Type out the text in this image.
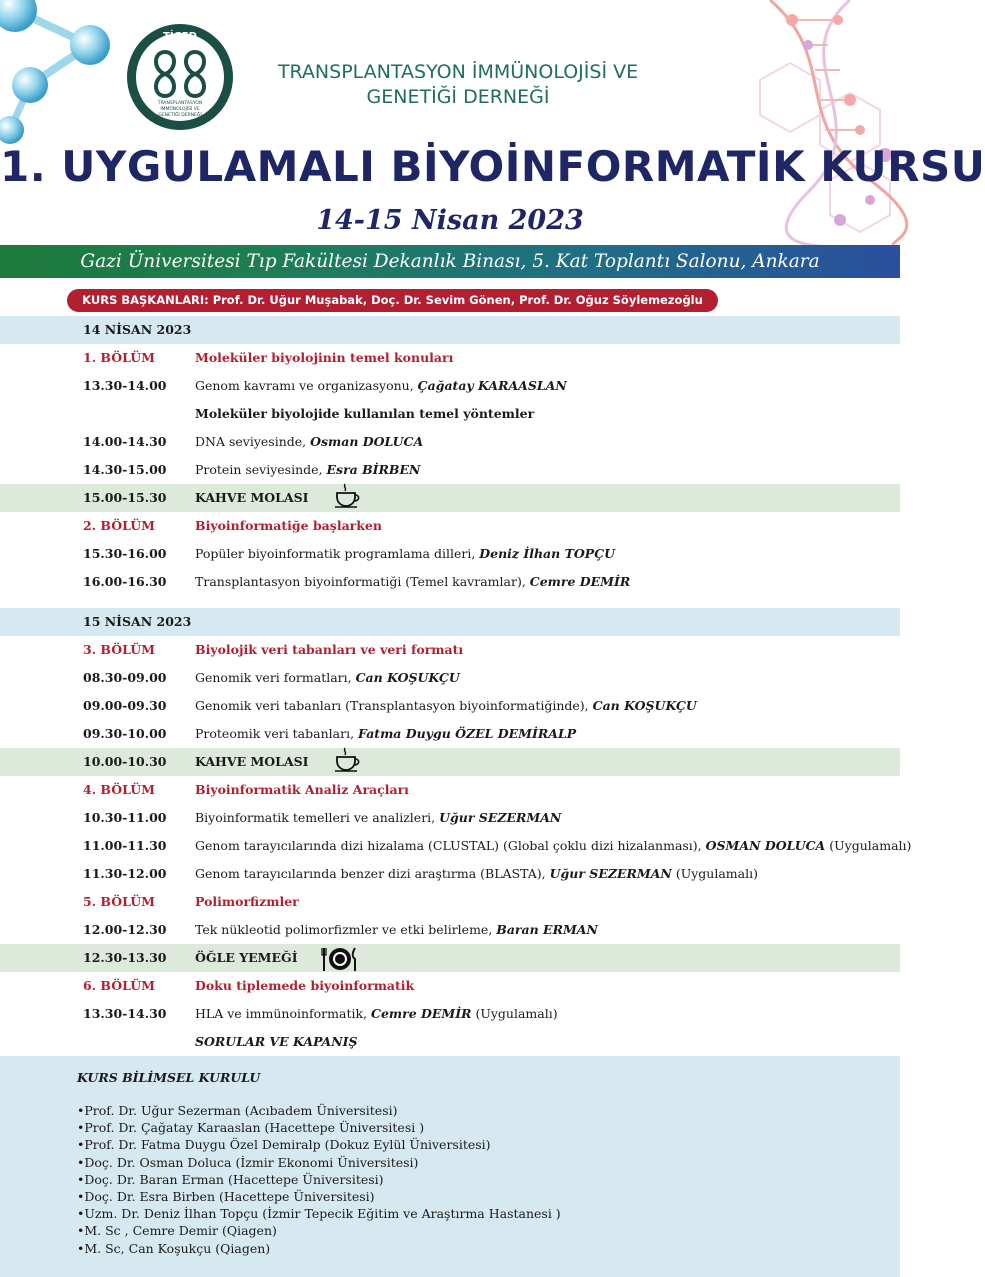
TİGED
TRANSPLANTASYON
İMMÜNOLOJİSİ VE
GENETİĞİ DERNEĞİ
TRANSPLANTASYON İMMÜNOLOJİSİ VE
GENETİĞİ DERNEĞİ
1. UYGULAMALI BİYOİNFORMATİK KURSU
14-15 Nisan 2023
Gazi Üniversitesi Tıp Fakültesi Dekanlık Binası, 5. Kat Toplantı Salonu, Ankara
KURS BAŞKANLARI: Prof. Dr. Uğur Muşabak, Doç. Dr. Sevim Gönen, Prof. Dr. Oğuz Söylemezoğlu
14 NİSAN 2023
1. BÖLÜM	Moleküler biyolojinin temel konuları
13.30-14.00 Genom kavramı ve organizasyonu, Çağatay KARAASLAN
Moleküler biyolojide kullanılan temel yöntemler
14.00-14.30 DNA seviyesinde, Osman DOLUCA
14.30-15.00 Protein seviyesinde, Esra BİRBEN
15.00-15.30 KAHVE MOLASI
2. BÖLÜM	Biyoinformatiğe başlarken
15.30-16.00 Popüler biyoinformatik programlama dilleri, Deniz İlhan TOPÇU
16.00-16.30 Transplantasyon biyoinformatiği (Temel kavramlar), Cemre DEMİR
15 NİSAN 2023
3. BÖLÜM	Biyolojik veri tabanları ve veri formatı
08.30-09.00 Genomik veri formatları, Can KOŞUKÇU
09.00-09.30 Genomik veri tabanları (Transplantasyon biyoinformatiğinde), Can KOŞUKÇU
09.30-10.00 Proteomik veri tabanları, Fatma Duygu ÖZEL DEMİRALP
10.00-10.30 KAHVE MOLASI
4. BÖLÜM	Biyoinformatik Analiz Araçları
10.30-11.00 Biyoinformatik temelleri ve analizleri, Uğur SEZERMAN
11.00-11.30 Genom tarayıcılarında dizi hizalama (CLUSTAL) (Global çoklu dizi hizalanması), OSMAN DOLUCA (Uygulamalı)
11.30-12.00 Genom tarayıcılarında benzer dizi araştırma (BLASTA), Uğur SEZERMAN (Uygulamalı)
5. BÖLÜM	Polimorfizmler
12.00-12.30 Tek nükleotid polimorfizmler ve etki belirleme, Baran ERMAN
12.30-13.30 ÖĞLE YEMEĞİ
6. BÖLÜM	Doku tiplemede biyoinformatik
13.30-14.30 HLA ve immünoinformatik, Cemre DEMİR (Uygulamalı)
SORULAR VE KAPANIŞ
KURS BİLİMSEL KURULU
• Prof. Dr. Uğur Sezerman (Acıbadem Üniversitesi)
• Prof. Dr. Çağatay Karaaslan (Hacettepe Üniversitesi )
• Prof. Dr. Fatma Duygu Özel Demiralp (Dokuz Eylül Üniversitesi)
• Doç. Dr. Osman Doluca (İzmir Ekonomi Üniversitesi)
• Doç. Dr. Baran Erman (Hacettepe Üniversitesi)
• Doç. Dr. Esra Birben (Hacettepe Üniversitesi)
• Uzm. Dr. Deniz İlhan Topçu (İzmir Tepecik Eğitim ve Araştırma Hastanesi )
• M. Sc , Cemre Demir (Qiagen)
• M. Sc, Can Koşukçu (Qiagen)
